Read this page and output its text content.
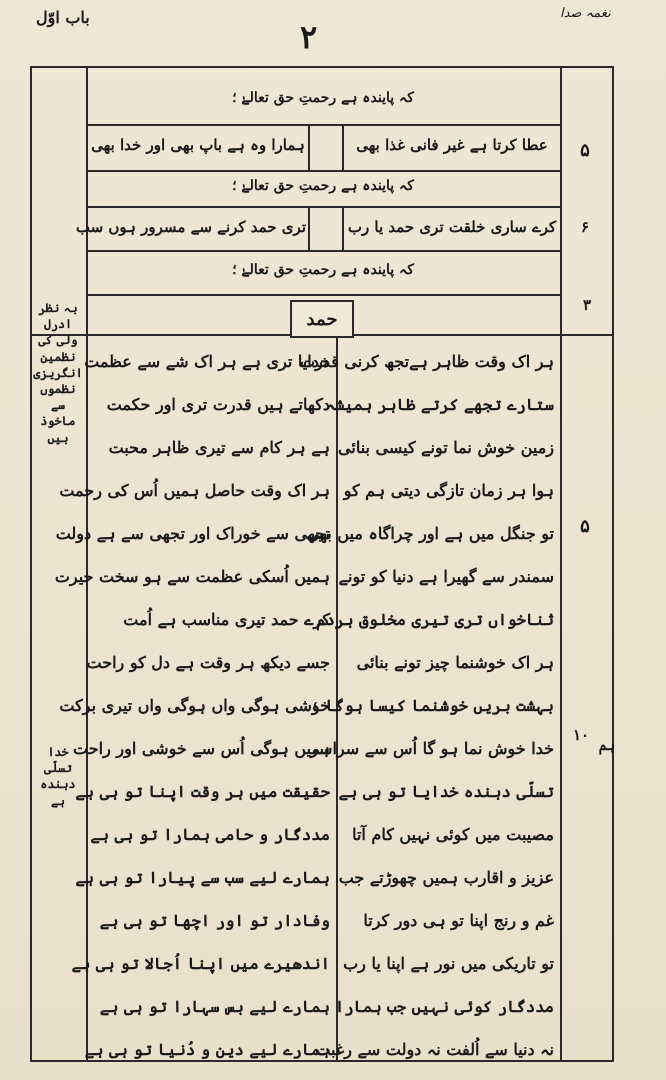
باب اوّل
۲
نغمہ صدا
کہ پایندہ ہے رحمتِ حق تعالےٰ ؛
۵
عطا کرتا ہے غیر فانی غذا بھی
ہمارا وہ ہے باپ بھی اور خدا بھی
کہ پایندہ ہے رحمتِ حق تعالےٰ ؛
۶
کرے ساری خلقت تری حمد یا رب
تری حمد کرنے سے مسرور ہوں سب
کہ پایندہ ہے رحمتِ حق تعالےٰ ؛
حمد
۳
بہ نظر ادرل ولی کی نظمین انگریزی نظموں سے ماخوذ ہیں
خدا تسلّی دہندہ ہے
۵
۱۰
ہم
ہر اک وقت ظاہر ہےتجھ کرنی قدرت
ستارے تجھے کرتے ظاہر ہمیشہ
زمین خوش نما تونے کیسی بنائی
ہوا ہر زمان تازگی دیتی ہم کو
تو جنگل میں ہے اور چراگاہ میں بھی
سمندر سے گھیرا ہے دنیا کو تونے
ثناخواں تری تیری مخلوق ہردم
ہر اک خوشنما چیز تونے بنائی
بہشت بریں خوشنما کیسا ہوگا ؛
خدا خوش نما ہو گا اُس سے سراسر
تسلّی دہندہ خدایا تو ہی ہے
مصیبت میں کوئی نہیں کام آتا
عزیز و اقارب ہمیں چھوڑتے جب
غم و رنج اپنا تو ہی دور کرتا
تو تاریکی میں نور ہے اپنا یا رب
مددگار کوئی نہیں جب ہمارا
نہ دنیا سے اُلفت نہ دولت سے رغبت
خدایا تری ہے ہر اک شے سے عظمت
دکھاتے ہیں قدرت تری اور حکمت
ہے ہر کام سے تیری ظاہر محبت
ہر اک وقت حاصل ہمیں اُس کی رحمت
تجھی سے خوراک اور تجھی سے ہے دولت
ہمیں اُسکی عظمت سے ہو سخت حیرت
کرے حمد تیری مناسب ہے اُمت
جسے دیکھ ہر وقت ہے دل کو راحت
خوشی ہوگی واں ہوگی واں تیری برکت
ہمیں ہوگی اُس سے خوشی اور راحت
حقیقت میں ہر وقت اپنا تو ہی ہے
مددگار و حامی ہمارا تو ہی ہے
ہمارے لیے سب سے پیارا تو ہی ہے
وفادار تو اور اچھا تو ہی ہے
اندھیرے میں اپنا اُجالا تو ہی ہے
ہمارے لیے بس سہارا تو ہی ہے
ہمارے لیے دین و دُنیا تو ہی ہے
